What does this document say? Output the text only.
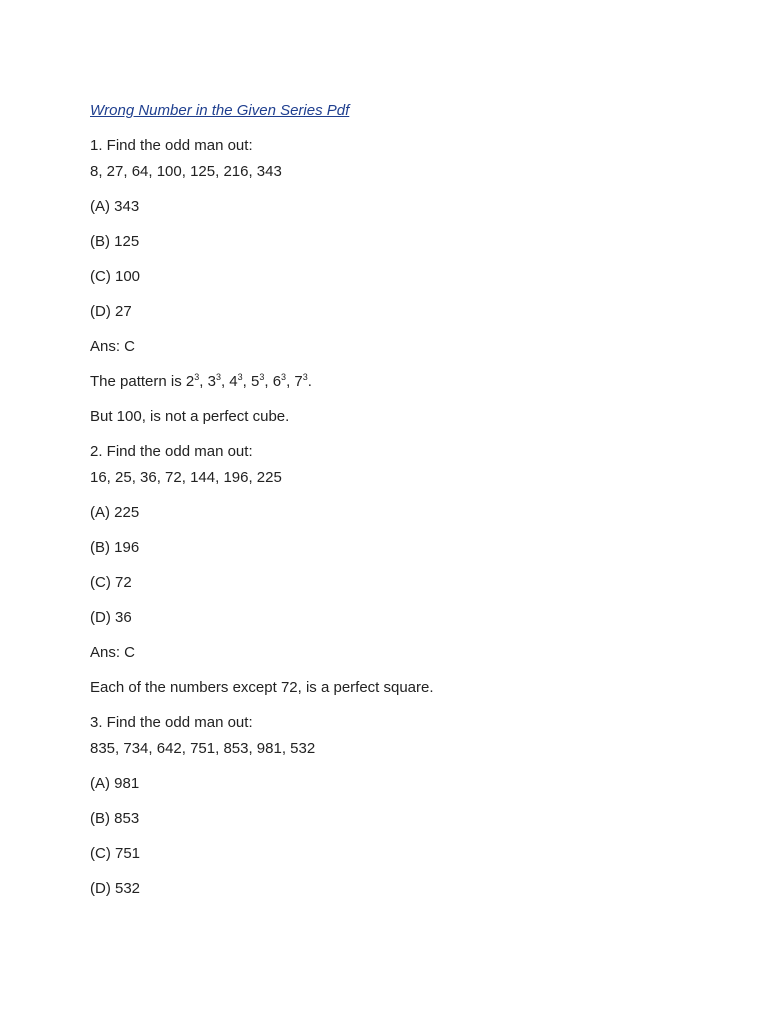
Wrong Number in the Given Series Pdf
1. Find the odd man out:
8, 27, 64, 100, 125, 216, 343
(A) 343
(B) 125
(C) 100
(D) 27
Ans: C
The pattern is $2^3$, $3^3$, $4^3$, $5^3$, $6^3$, $7^3$.
But 100, is not a perfect cube.
2. Find the odd man out:
16, 25, 36, 72, 144, 196, 225
(A) 225
(B) 196
(C) 72
(D) 36
Ans: C
Each of the numbers except 72, is a perfect square.
3. Find the odd man out:
835, 734, 642, 751, 853, 981, 532
(A) 981
(B) 853
(C) 751
(D) 532
